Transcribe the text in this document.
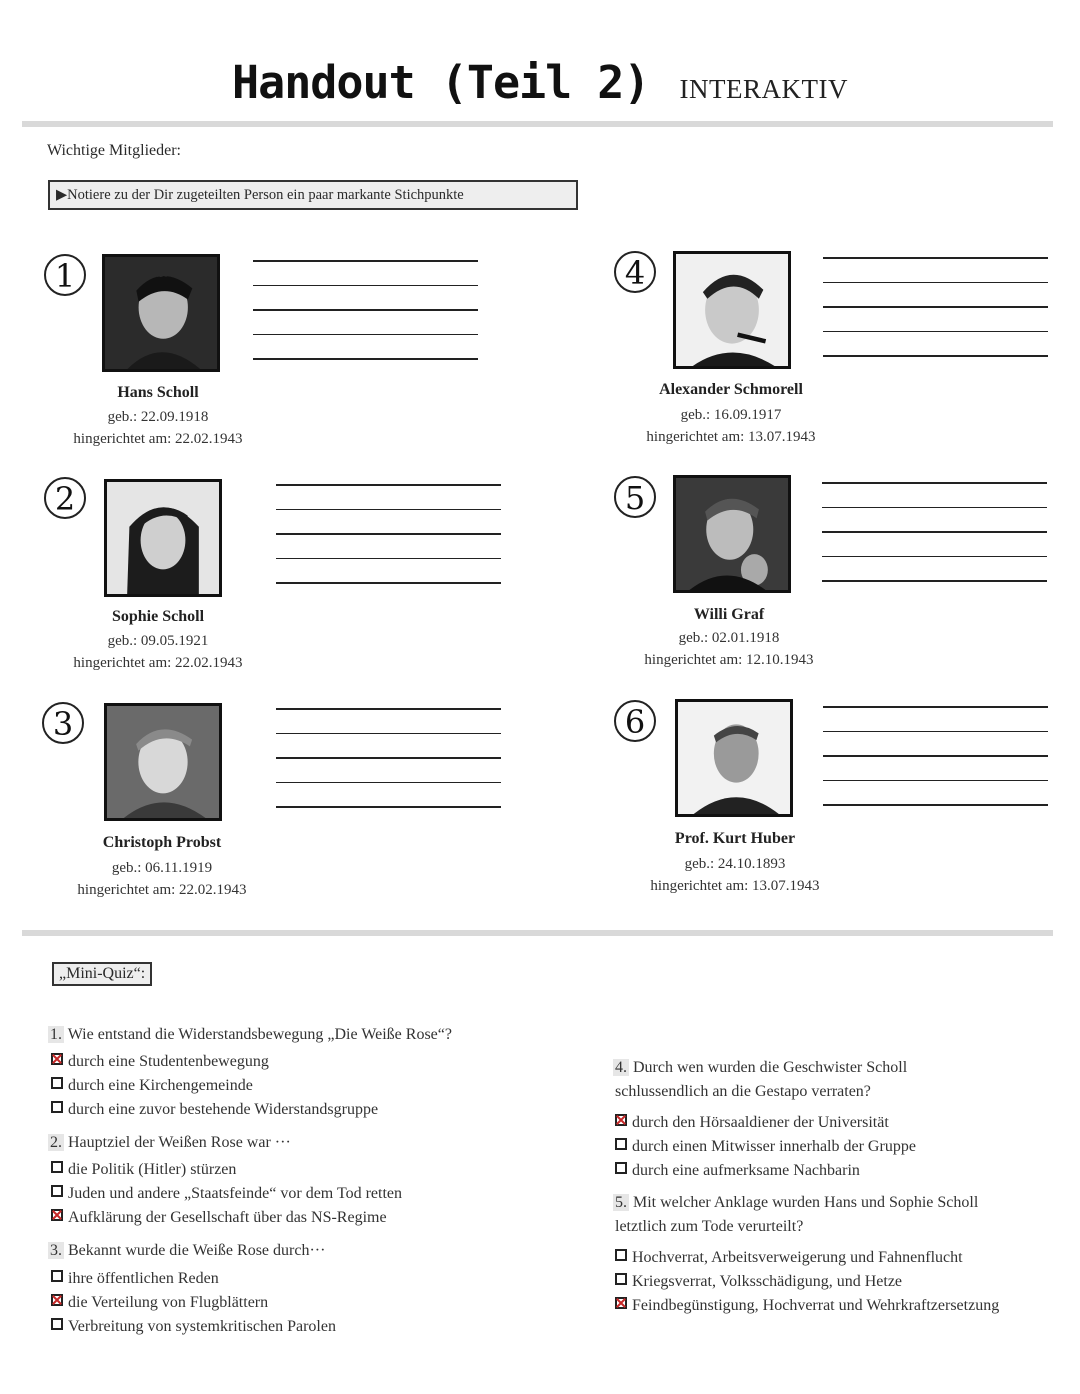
Handout (Teil 2) INTERAKTIV
Wichtige Mitglieder:
▶Notiere zu der Dir zugeteilten Person ein paar markante Stichpunkte
1
Hans Scholl
geb.: 22.09.1918
hingerichtet am: 22.02.1943
2
Sophie Scholl
geb.: 09.05.1921
hingerichtet am: 22.02.1943
3
Christoph Probst
geb.: 06.11.1919
hingerichtet am: 22.02.1943
4
Alexander Schmorell
geb.: 16.09.1917
hingerichtet am: 13.07.1943
5
Willi Graf
geb.: 02.01.1918
hingerichtet am: 12.10.1943
6
Prof. Kurt Huber
geb.: 24.10.1893
hingerichtet am: 13.07.1943
„Mini-Quiz“:
1. Wie entstand die Widerstandsbewegung „Die Weiße Rose“?
durch eine Studentenbewegung
durch eine Kirchengemeinde
durch eine zuvor bestehende Widerstandsgruppe
2. Hauptziel der Weißen Rose war ···
die Politik (Hitler) stürzen
Juden und andere „Staatsfeinde“ vor dem Tod retten
Aufklärung der Gesellschaft über das NS-Regime
3. Bekannt wurde die Weiße Rose durch···
ihre öffentlichen Reden
die Verteilung von Flugblättern
Verbreitung von systemkritischen Parolen
4. Durch wen wurden die Geschwister Scholl
schlussendlich an die Gestapo verraten?
durch den Hörsaaldiener der Universität
durch einen Mitwisser innerhalb der Gruppe
durch eine aufmerksame Nachbarin
5. Mit welcher Anklage wurden Hans und Sophie Scholl
letztlich zum Tode verurteilt?
Hochverrat, Arbeitsverweigerung und Fahnenflucht
Kriegsverrat, Volksschädigung, und Hetze
Feindbegünstigung, Hochverrat und Wehrkraftzersetzung
